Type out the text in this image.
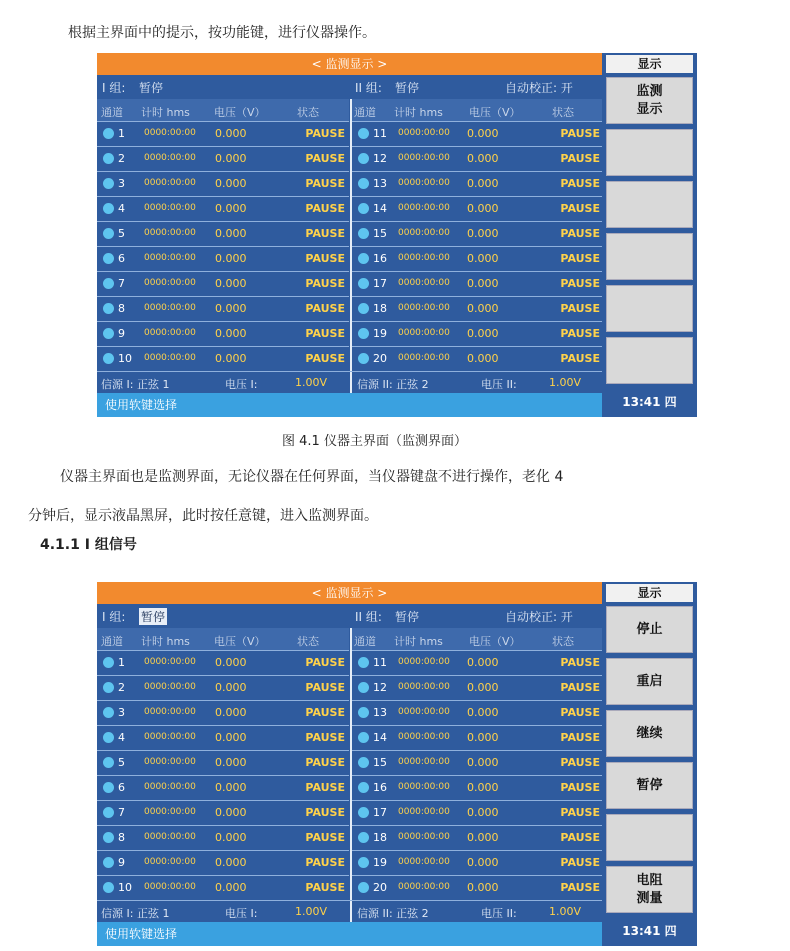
根据主界面中的提示，按功能键，进行仪器操作。
< 监测显示 >
I 组: 暂停	II 组: 暂停	自动校正: 开
通道 计时 hms 电压（V）	状态
1 0000:00:00 0.000	PAUSE
2 0000:00:00 0.000	PAUSE
3 0000:00:00 0.000	PAUSE
4 0000:00:00 0.000	PAUSE
5 0000:00:00 0.000	PAUSE
6 0000:00:00 0.000	PAUSE
7 0000:00:00 0.000	PAUSE
8 0000:00:00 0.000	PAUSE
9 0000:00:00 0.000	PAUSE
10 0000:00:00 0.000	PAUSE
通道 计时 hms 电压（V）	状态
11 0000:00:00 0.000	PAUSE
12 0000:00:00 0.000	PAUSE
13 0000:00:00 0.000	PAUSE
14 0000:00:00 0.000	PAUSE
15 0000:00:00 0.000	PAUSE
16 0000:00:00 0.000	PAUSE
17 0000:00:00 0.000	PAUSE
18 0000:00:00 0.000	PAUSE
19 0000:00:00 0.000	PAUSE
20 0000:00:00 0.000	PAUSE
信源 I: 正弦 1	电压 I:	1.00V	信源 II: 正弦 2	电压 II:	1.00V
使用软键选择
显示
监测
显示
13:41 四
图 4.1 仪器主界面（监测界面）
仪器主界面也是监测界面，无论仪器在任何界面，当仪器键盘不进行操作，老化 4
分钟后，显示液晶黑屏，此时按任意键，进入监测界面。
4.1.1 I 组信号
< 监测显示 >
I 组: 暂停	II 组: 暂停	自动校正: 开
通道 计时 hms 电压（V）	状态
1 0000:00:00 0.000	PAUSE
2 0000:00:00 0.000	PAUSE
3 0000:00:00 0.000	PAUSE
4 0000:00:00 0.000	PAUSE
5 0000:00:00 0.000	PAUSE
6 0000:00:00 0.000	PAUSE
7 0000:00:00 0.000	PAUSE
8 0000:00:00 0.000	PAUSE
9 0000:00:00 0.000	PAUSE
10 0000:00:00 0.000	PAUSE
通道 计时 hms 电压（V）	状态
11 0000:00:00 0.000	PAUSE
12 0000:00:00 0.000	PAUSE
13 0000:00:00 0.000	PAUSE
14 0000:00:00 0.000	PAUSE
15 0000:00:00 0.000	PAUSE
16 0000:00:00 0.000	PAUSE
17 0000:00:00 0.000	PAUSE
18 0000:00:00 0.000	PAUSE
19 0000:00:00 0.000	PAUSE
20 0000:00:00 0.000	PAUSE
信源 I: 正弦 1	电压 I:	1.00V	信源 II: 正弦 2	电压 II:	1.00V
使用软键选择
显示
停止
重启
继续
暂停
电阻
测量
13:41 四
